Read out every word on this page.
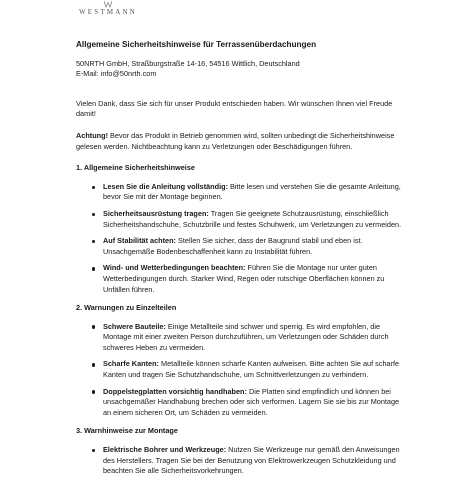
WESTMANN
Allgemeine Sicherheitshinweise für Terrassenüberdachungen
50NRTH GmbH, Straßburgstraße 14-16, 54516 Wittlich, Deutschland
E-Mail: info@50nrth.com
Vielen Dank, dass Sie sich für unser Produkt entschieden haben. Wir wünschen Ihnen viel Freude damit!
Achtung! Bevor das Produkt in Betrieb genommen wird, sollten unbedingt die Sicherheitshinweise gelesen werden. Nichtbeachtung kann zu Verletzungen oder Beschädigungen führen.
1. Allgemeine Sicherheitshinweise
Lesen Sie die Anleitung vollständig: Bitte lesen und verstehen Sie die gesamte Anleitung, bevor Sie mit der Montage beginnen.
Sicherheitsausrüstung tragen: Tragen Sie geeignete Schutzausrüstung, einschließlich Sicherheitshandschuhe, Schutzbrille und festes Schuhwerk, um Verletzungen zu vermeiden.
Auf Stabilität achten: Stellen Sie sicher, dass der Baugrund stabil und eben ist. Unsachgemäße Bodenbeschaffenheit kann zu Instabilität führen.
Wind- und Wetterbedingungen beachten: Führen Sie die Montage nur unter guten Wetterbedingungen durch. Starker Wind, Regen oder rutschige Oberflächen können zu Unfällen führen.
2. Warnungen zu Einzelteilen
Schwere Bauteile: Einige Metallteile sind schwer und sperrig. Es wird empfohlen, die Montage mit einer zweiten Person durchzuführen, um Verletzungen oder Schäden durch schweres Heben zu vermeiden.
Scharfe Kanten: Metallteile können scharfe Kanten aufweisen. Bitte achten Sie auf scharfe Kanten und tragen Sie Schutzhandschuhe, um Schnittverletzungen zu verhindern.
Doppelstegplatten vorsichtig handhaben: Die Platten sind empfindlich und können bei unsachgemäßer Handhabung brechen oder sich verformen. Lagern Sie sie bis zur Montage an einem sicheren Ort, um Schäden zu vermeiden.
3. Warnhinweise zur Montage
Elektrische Bohrer und Werkzeuge: Nutzen Sie Werkzeuge nur gemäß den Anweisungen des Herstellers. Tragen Sie bei der Benutzung von Elektrowerkzeugen Schutzkleidung und beachten Sie alle Sicherheitsvorkehrungen.
